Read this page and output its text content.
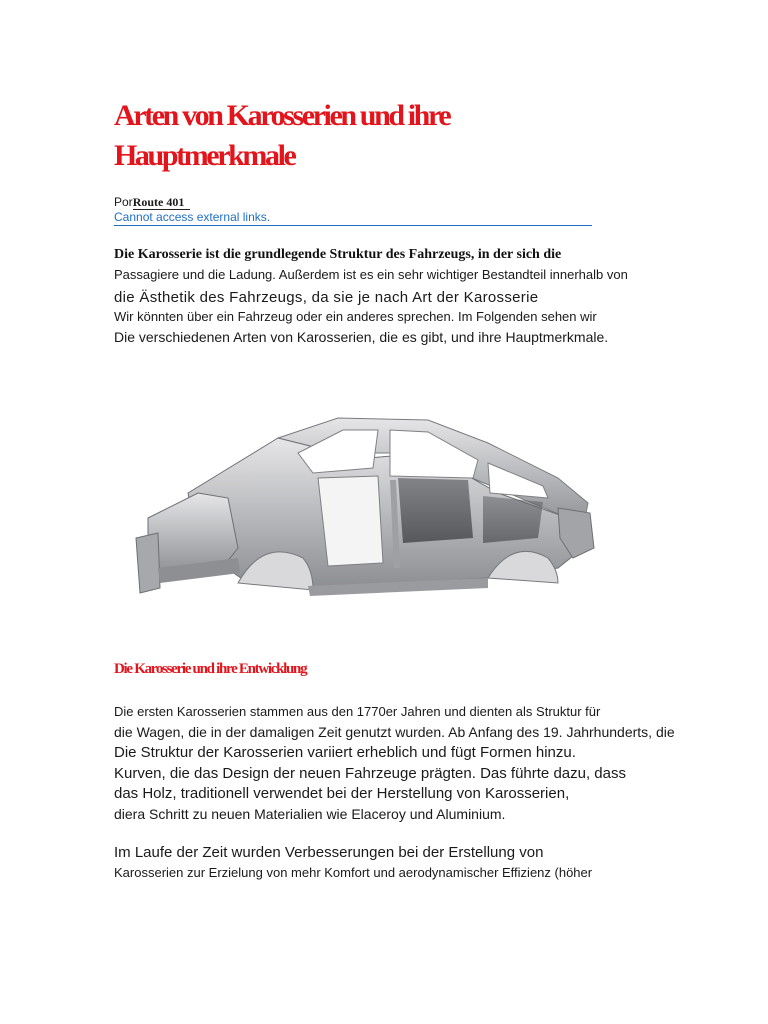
Arten von Karosserien und ihre
Hauptmerkmale
PorRoute 401
Cannot access external links.
Die Karosserie ist die grundlegende Struktur des Fahrzeugs, in der sich die
Passagiere und die Ladung. Außerdem ist es ein sehr wichtiger Bestandteil innerhalb von
die Ästhetik des Fahrzeugs, da sie je nach Art der Karosserie
Wir könnten über ein Fahrzeug oder ein anderes sprechen. Im Folgenden sehen wir
Die verschiedenen Arten von Karosserien, die es gibt, und ihre Hauptmerkmale.
Die Karosserie und ihre Entwicklung
Die ersten Karosserien stammen aus den 1770er Jahren und dienten als Struktur für
die Wagen, die in der damaligen Zeit genutzt wurden. Ab Anfang des 19. Jahrhunderts, die
Die Struktur der Karosserien variiert erheblich und fügt Formen hinzu.
Kurven, die das Design der neuen Fahrzeuge prägten. Das führte dazu, dass
das Holz, traditionell verwendet bei der Herstellung von Karosserien,
diera Schritt zu neuen Materialien wie Elaceroy und Aluminium.
Im Laufe der Zeit wurden Verbesserungen bei der Erstellung von
Karosserien zur Erzielung von mehr Komfort und aerodynamischer Effizienz (höher
